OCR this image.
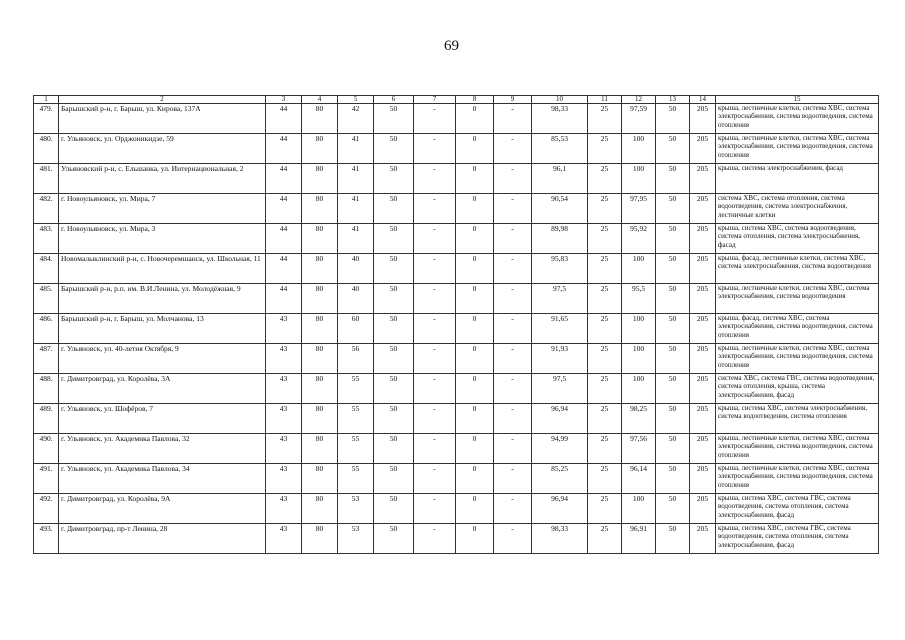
69
1	2	3	4	5	6	7	8	9	10	11	12	13	14	15
479.	Барышский р-н, г. Барыш, ул. Кирова, 137А	44	80	42	50	-	0	-	98,33	25	97,59	50	205	крыша, лестничные клетки, система ХВС, система электроснабжения, система водоотведения, система отопления
480.	г. Ульяновск, ул. Орджоникидзе, 59	44	80	41	50	-	0	-	85,53	25	100	50	205	крыша, лестничные клетки, система ХВС, система электроснабжения, система водоотведения, система отопления
481.	Ульяновский р-н, с. Ельшанка, ул. Интернациональная, 2	44	80	41	50	-	0	-	96,1	25	100	50	205	крыша, система электроснабжения, фасад
482.	г. Новоульяновск, ул. Мира, 7	44	80	41	50	-	0	-	90,54	25	97,95	50	205	система ХВС, система отопления, система водоотведения, система электроснабжения, лестничные клетки
483.	г. Новоульяновск, ул. Мира, 3	44	80	41	50	-	0	-	89,98	25	95,92	50	205	крыша, система ХВС, система водоотведения, система отопления, система электроснабжения, фасад
484.	Новомалыклинский р-н, с. Новочеремшанск, ул. Школьная, 11	44	80	40	50	-	0	-	95,83	25	100	50	205	крыша, фасад, лестничные клетки, система ХВС, система электроснабжения, система водоотведения
485.	Барышский р-н, р.п. им. В.И.Ленина, ул. Молодёжная, 9	44	80	40	50	-	0	-	97,5	25	95,5	50	205	крыша, лестничные клетки, система ХВС, система электроснабжения, система водоотведения
486.	Барышский р-н, г. Барыш, ул. Молчанова, 13	43	80	60	50	-	0	-	91,65	25	100	50	205	крыша, фасад, система ХВС, система электроснабжения, система водоотведения, система отопления
487.	г. Ульяновск, ул. 40-летия Октября, 9	43	80	56	50	-	0	-	91,93	25	100	50	205	крыша, лестничные клетки, система ХВС, система электроснабжения, система водоотведения, система отопления
488.	г. Димитровград, ул. Королёва, 3А	43	80	55	50	-	0	-	97,5	25	100	50	205	система ХВС, система ГВС, система водоотведения, система отопления, крыша, система электроснабжения, фасад
489.	г. Ульяновск, ул. Шофёров, 7	43	80	55	50	-	0	-	96,94	25	98,25	50	205	крыша, система ХВС, система электроснабжения, система водоотведения, система отопления
490.	г. Ульяновск, ул. Академика Павлова, 32	43	80	55	50	-	0	-	94,99	25	97,56	50	205	крыша, лестничные клетки, система ХВС, система электроснабжения, система водоотведения, система отопления
491.	г. Ульяновск, ул. Академика Павлова, 34	43	80	55	50	-	0	-	85,25	25	96,14	50	205	крыша, лестничные клетки, система ХВС, система электроснабжения, система водоотведения, система отопления
492.	г. Димитровград, ул. Королёва, 9А	43	80	53	50	-	0	-	96,94	25	100	50	205	крыша, система ХВС, система ГВС, система водоотведения, система отопления, система электроснабжения, фасад
493.	г. Димитровград, пр-т Ленина, 28	43	80	53	50	-	0	-	98,33	25	96,91	50	205	крыша, система ХВС, система ГВС, система водоотведения, система отопления, система электроснабжения, фасад
